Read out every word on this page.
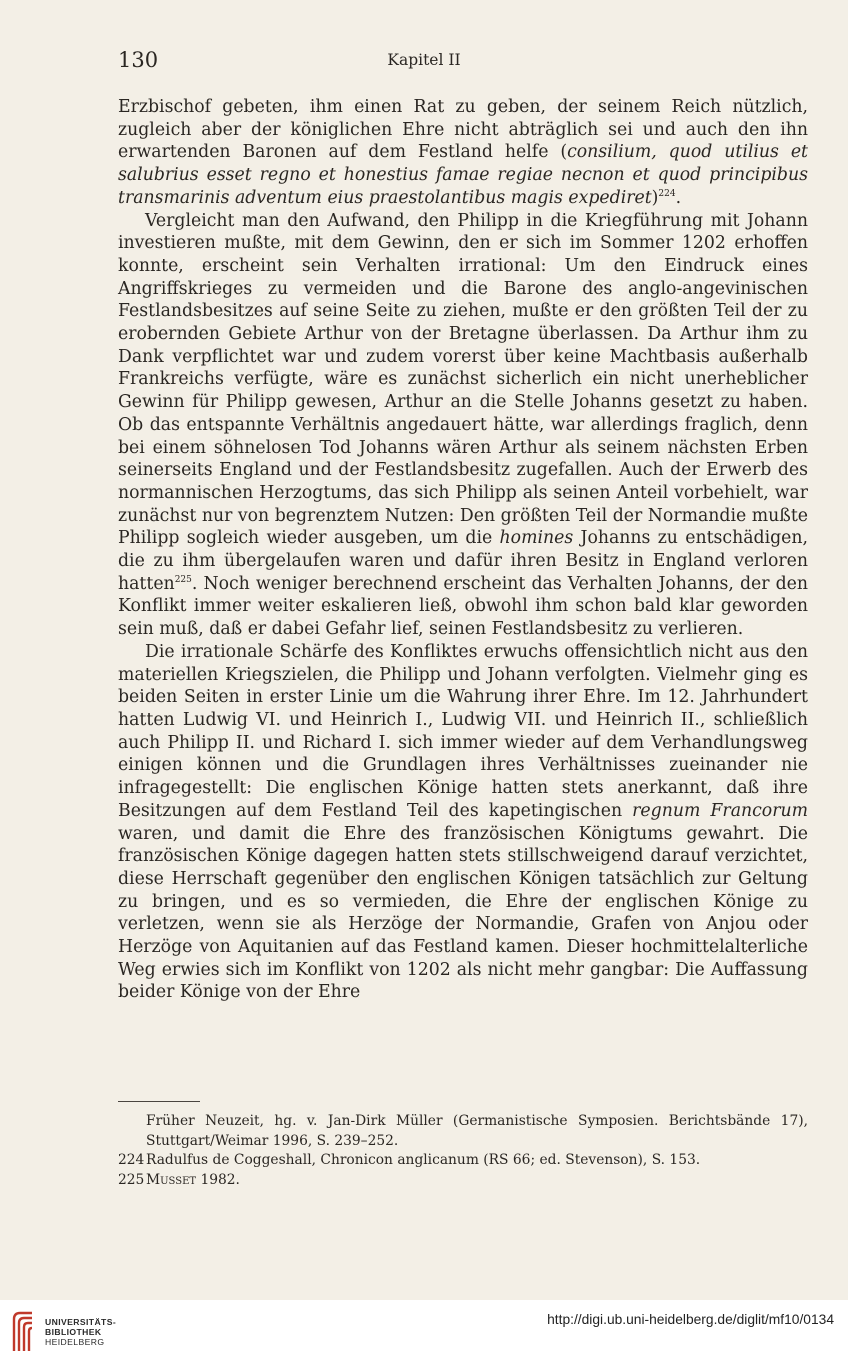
130	Kapitel II

Erzbischof gebeten, ihm einen Rat zu geben, der seinem Reich nützlich, zugleich aber der königlichen Ehre nicht abträglich sei und auch den ihn erwartenden Baronen auf dem Festland helfe (consilium, quod utilius et salubrius esset regno et honestius famae regiae necnon et quod principibus transmarinis adventum eius praestolantibus magis expediret)$^{224}$.

Vergleicht man den Aufwand, den Philipp in die Kriegführung mit Johann investieren mußte, mit dem Gewinn, den er sich im Sommer 1202 erhoffen konnte, erscheint sein Verhalten irrational: Um den Eindruck eines Angriffskrieges zu vermeiden und die Barone des anglo-angevinischen Festlandsbesitzes auf seine Seite zu ziehen, mußte er den größten Teil der zu erobernden Gebiete Arthur von der Bretagne überlassen. Da Arthur ihm zu Dank verpflichtet war und zudem vorerst über keine Machtbasis außerhalb Frankreichs verfügte, wäre es zunächst sicherlich ein nicht unerheblicher Gewinn für Philipp gewesen, Arthur an die Stelle Johanns gesetzt zu haben. Ob das entspannte Verhältnis angedauert hätte, war allerdings fraglich, denn bei einem söhnelosen Tod Johanns wären Arthur als seinem nächsten Erben seinerseits England und der Festlandsbesitz zugefallen. Auch der Erwerb des normannischen Herzogtums, das sich Philipp als seinen Anteil vorbehielt, war zunächst nur von begrenztem Nutzen: Den größten Teil der Normandie mußte Philipp sogleich wieder ausgeben, um die homines Johanns zu entschädigen, die zu ihm übergelaufen waren und dafür ihren Besitz in England verloren hatten$^{225}$. Noch weniger berechnend erscheint das Verhalten Johanns, der den Konflikt immer weiter eskalieren ließ, obwohl ihm schon bald klar geworden sein muß, daß er dabei Gefahr lief, seinen Festlandsbesitz zu verlieren.

Die irrationale Schärfe des Konfliktes erwuchs offensichtlich nicht aus den materiellen Kriegszielen, die Philipp und Johann verfolgten. Vielmehr ging es beiden Seiten in erster Linie um die Wahrung ihrer Ehre. Im 12. Jahrhundert hatten Ludwig VI. und Heinrich I., Ludwig VII. und Heinrich II., schließlich auch Philipp II. und Richard I. sich immer wieder auf dem Verhandlungsweg einigen können und die Grundlagen ihres Verhältnisses zueinander nie infragegestellt: Die englischen Könige hatten stets anerkannt, daß ihre Besitzungen auf dem Festland Teil des kapetingischen regnum Francorum waren, und damit die Ehre des französischen Königtums gewahrt. Die französischen Könige dagegen hatten stets stillschweigend darauf verzichtet, diese Herrschaft gegenüber den englischen Königen tatsächlich zur Geltung zu bringen, und es so vermieden, die Ehre der englischen Könige zu verletzen, wenn sie als Herzöge der Normandie, Grafen von Anjou oder Herzöge von Aquitanien auf das Festland kamen. Dieser hochmittelalterliche Weg erwies sich im Konflikt von 1202 als nicht mehr gangbar: Die Auffassung beider Könige von der Ehre

Früher Neuzeit, hg. v. Jan-Dirk Müller (Germanistische Symposien. Berichtsbände 17), Stuttgart/Weimar 1996, S. 239–252.
224 Radulfus de Coggeshall, Chronicon anglicanum (RS 66; ed. Stevenson), S. 153.
225 Musset 1982.
UNIVERSITÄTS-
BIBLIOTHEK
HEIDELBERG
http://digi.ub.uni-heidelberg.de/diglit/mf10/0134
